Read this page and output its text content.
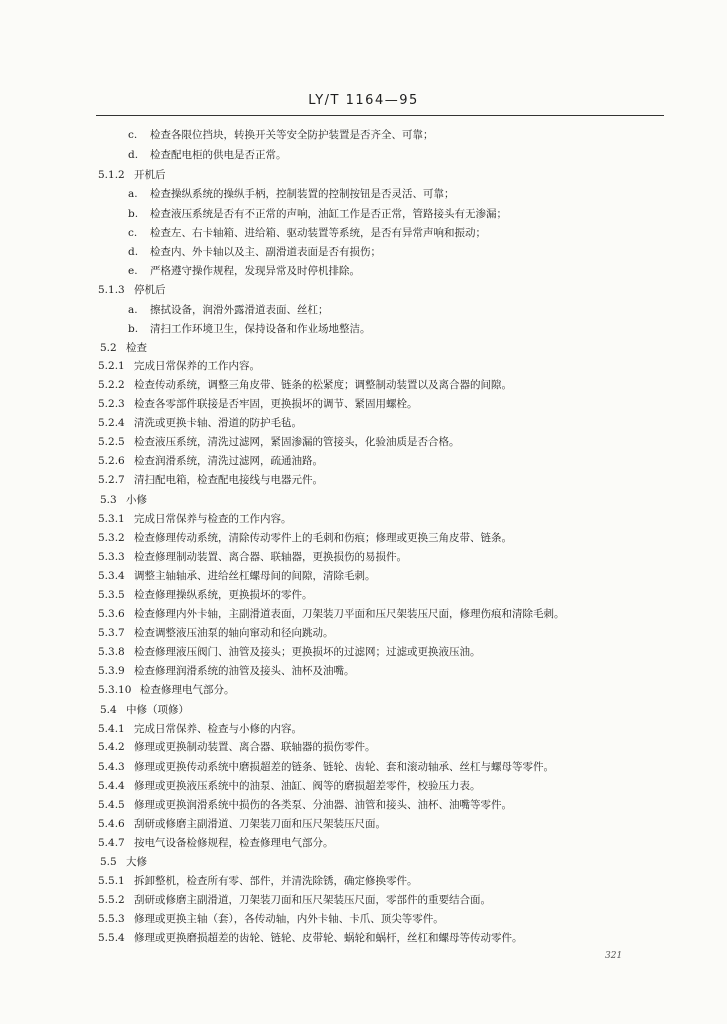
LY/T 1164—95
c. 检查各限位挡块，转换开关等安全防护装置是否齐全、可靠；
d. 检查配电柜的供电是否正常。
5.1.2 开机后
a. 检查操纵系统的操纵手柄，控制装置的控制按钮是否灵活、可靠；
b. 检查液压系统是否有不正常的声响，油缸工作是否正常，管路接头有无渗漏；
c. 检查左、右卡轴箱、进给箱、驱动装置等系统，是否有异常声响和振动；
d. 检查内、外卡轴以及主、副滑道表面是否有损伤；
e. 严格遵守操作规程，发现异常及时停机排除。
5.1.3 停机后
a. 擦拭设备，润滑外露滑道表面、丝杠；
b. 清扫工作环境卫生，保持设备和作业场地整洁。
5.2 检查
5.2.1 完成日常保养的工作内容。
5.2.2 检查传动系统，调整三角皮带、链条的松紧度；调整制动装置以及离合器的间隙。
5.2.3 检查各零部件联接是否牢固，更换损坏的调节、紧固用螺栓。
5.2.4 清洗或更换卡轴、滑道的防护毛毡。
5.2.5 检查液压系统，清洗过滤网，紧固渗漏的管接头，化验油质是否合格。
5.2.6 检查润滑系统，清洗过滤网，疏通油路。
5.2.7 清扫配电箱，检查配电接线与电器元件。
5.3 小修
5.3.1 完成日常保养与检查的工作内容。
5.3.2 检查修理传动系统，清除传动零件上的毛刺和伤痕；修理或更换三角皮带、链条。
5.3.3 检查修理制动装置、离合器、联轴器，更换损伤的易损件。
5.3.4 调整主轴轴承、进给丝杠螺母间的间隙，清除毛刺。
5.3.5 检查修理操纵系统，更换损坏的零件。
5.3.6 检查修理内外卡轴，主副滑道表面，刀架装刀平面和压尺架装压尺面，修理伤痕和清除毛刺。
5.3.7 检查调整液压油泵的轴向窜动和径向跳动。
5.3.8 检查修理液压阀门、油管及接头；更换损坏的过滤网；过滤或更换液压油。
5.3.9 检查修理润滑系统的油管及接头、油杯及油嘴。
5.3.10 检查修理电气部分。
5.4 中修（项修）
5.4.1 完成日常保养、检查与小修的内容。
5.4.2 修理或更换制动装置、离合器、联轴器的损伤零件。
5.4.3 修理或更换传动系统中磨损超差的链条、链轮、齿轮、套和滚动轴承、丝杠与螺母等零件。
5.4.4 修理或更换液压系统中的油泵、油缸、阀等的磨损超差零件，校验压力表。
5.4.5 修理或更换润滑系统中损伤的各类泵、分油器、油管和接头、油杯、油嘴等零件。
5.4.6 刮研或修磨主副滑道、刀架装刀面和压尺架装压尺面。
5.4.7 按电气设备检修规程，检查修理电气部分。
5.5 大修
5.5.1 拆卸整机，检查所有零、部件，并清洗除锈，确定修换零件。
5.5.2 刮研或修磨主副滑道，刀架装刀面和压尺架装压尺面，零部件的重要结合面。
5.5.3 修理或更换主轴（套），各传动轴，内外卡轴、卡爪、顶尖等零件。
5.5.4 修理或更换磨损超差的齿轮、链轮、皮带轮、蜗轮和蜗杆，丝杠和螺母等传动零件。
321
